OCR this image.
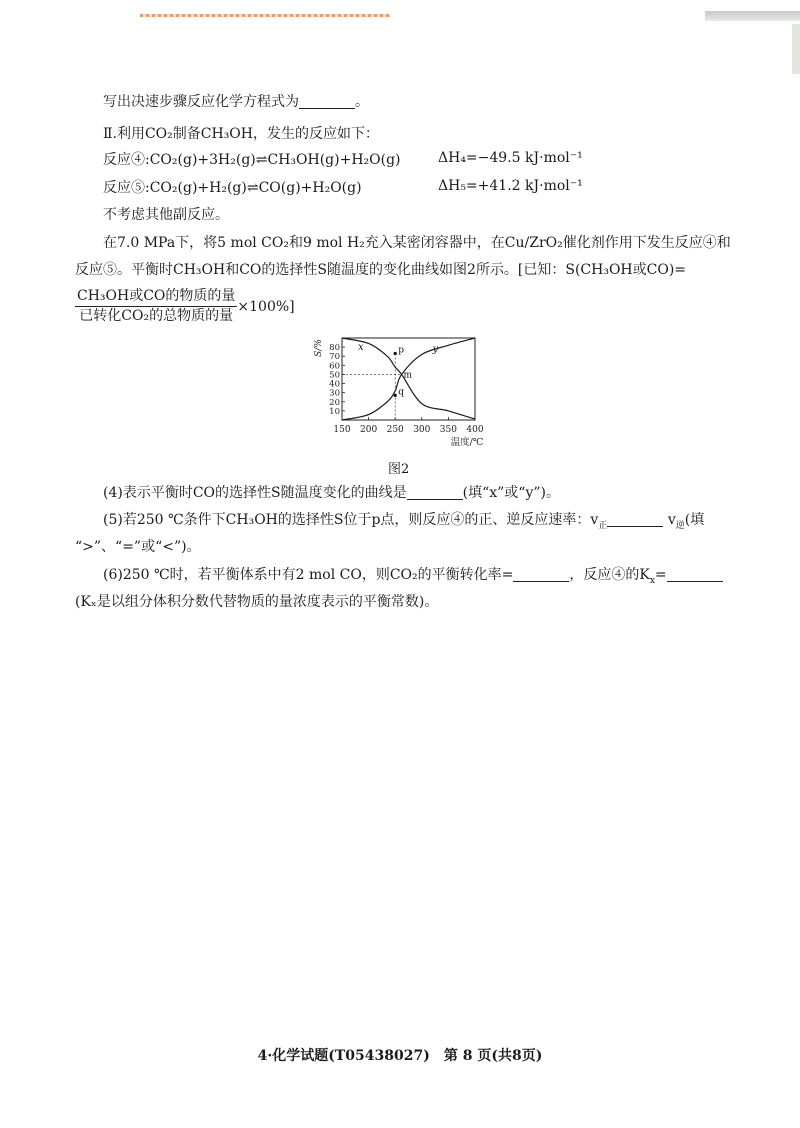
写出决速步骤反应化学方程式为	。
Ⅱ.利用CO₂制备CH₃OH，发生的反应如下：
反应④:CO₂(g)+3H₂(g)⇌CH₃OH(g)+H₂O(g)	ΔH₄=−49.5 kJ·mol⁻¹
反应⑤:CO₂(g)+H₂(g)⇌CO(g)+H₂O(g)	ΔH₅=+41.2 kJ·mol⁻¹
不考虑其他副反应。
在7.0 MPa下，将5 mol CO₂和9 mol H₂充入某密闭容器中，在Cu/ZrO₂催化剂作用下发生反应④和
反应⑤。平衡时CH₃OH和CO的选择性S随温度的变化曲线如图2所示。[已知：S(CH₃OH或CO)=
$\frac{\text{CH₃OH或CO的物质的量}}{\text{已转化CO₂的总物质的量}} \times 100\%$]
10
20
30
40
50
60
70
80
150 200 250 300 350 400
S/%
温度/℃
x	y
p
m
q
图2
(4)表示平衡时CO的选择性S随温度变化的曲线是	(填“x”或“y”)。
(5)若250 ℃条件下CH₃OH的选择性S位于p点，则反应④的正、逆反应速率：$v_正$	$v_逆$(填
“>”、“=”或“<”)。
(6)250 ℃时，若平衡体系中有2 mol CO，则CO₂的平衡转化率=	，反应④的$K_x=$
(Kₓ是以组分体积分数代替物质的量浓度表示的平衡常数)。
4·化学试题(T05438027)　第 8 页(共8页)
